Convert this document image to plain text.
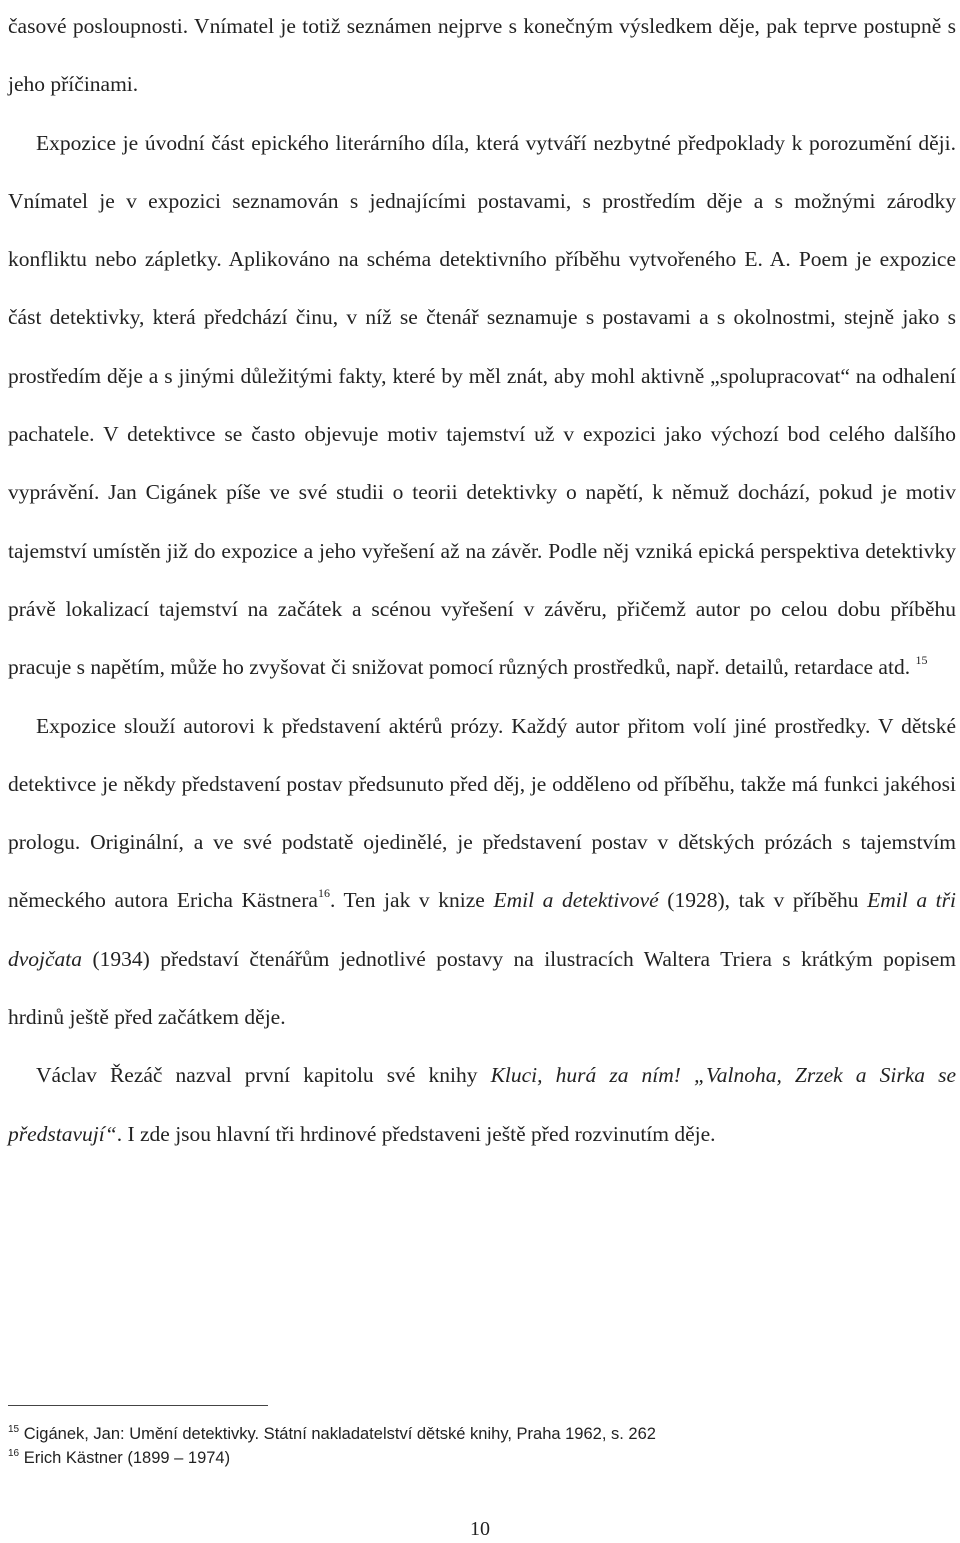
časové posloupnosti. Vnímatel je totiž seznámen nejprve s konečným výsledkem děje, pak teprve postupně s jeho příčinami.

Expozice je úvodní část epického literárního díla, která vytváří nezbytné předpoklady k porozumění ději. Vnímatel je v expozici seznamován s jednajícími postavami, s prostředím děje a s možnými zárodky konfliktu nebo zápletky. Aplikováno na schéma detektivního příběhu vytvořeného E. A. Poem je expozice část detektivky, která předchází činu, v níž se čtenář seznamuje s postavami a s okolnostmi, stejně jako s prostředím děje a s jinými důležitými fakty, které by měl znát, aby mohl aktivně „spolupracovat“ na odhalení pachatele. V detektivce se často objevuje motiv tajemství už v expozici jako výchozí bod celého dalšího vyprávění. Jan Cigánek píše ve své studii o teorii detektivky o napětí, k němuž dochází, pokud je motiv tajemství umístěn již do expozice a jeho vyřešení až na závěr. Podle něj vzniká epická perspektiva detektivky právě lokalizací tajemství na začátek a scénou vyřešení v závěru, přičemž autor po celou dobu příběhu pracuje s napětím, může ho zvyšovat či snižovat pomocí různých prostředků, např. detailů, retardace atd. $^{15}$

Expozice slouží autorovi k představení aktérů prózy. Každý autor přitom volí jiné prostředky. V dětské detektivce je někdy představení postav předsunuto před děj, je odděleno od příběhu, takže má funkci jakéhosi prologu. Originální, a ve své podstatě ojedinělé, je představení postav v dětských prózách s tajemstvím německého autora Ericha Kästnera$^{16}$. Ten jak v knize Emil a detektivové (1928), tak v příběhu Emil a tři dvojčata (1934) představí čtenářům jednotlivé postavy na ilustracích Waltera Triera s krátkým popisem hrdinů ještě před začátkem děje.

Václav Řezáč nazval první kapitolu své knihy Kluci, hurá za ním! „Valnoha, Zrzek a Sirka se představují“. I zde jsou hlavní tři hrdinové představeni ještě před rozvinutím děje.

$^{15}$ Cigánek, Jan: Umění detektivky. Státní nakladatelství dětské knihy, Praha 1962, s. 262
$^{16}$ Erich Kästner (1899 – 1974)
10
